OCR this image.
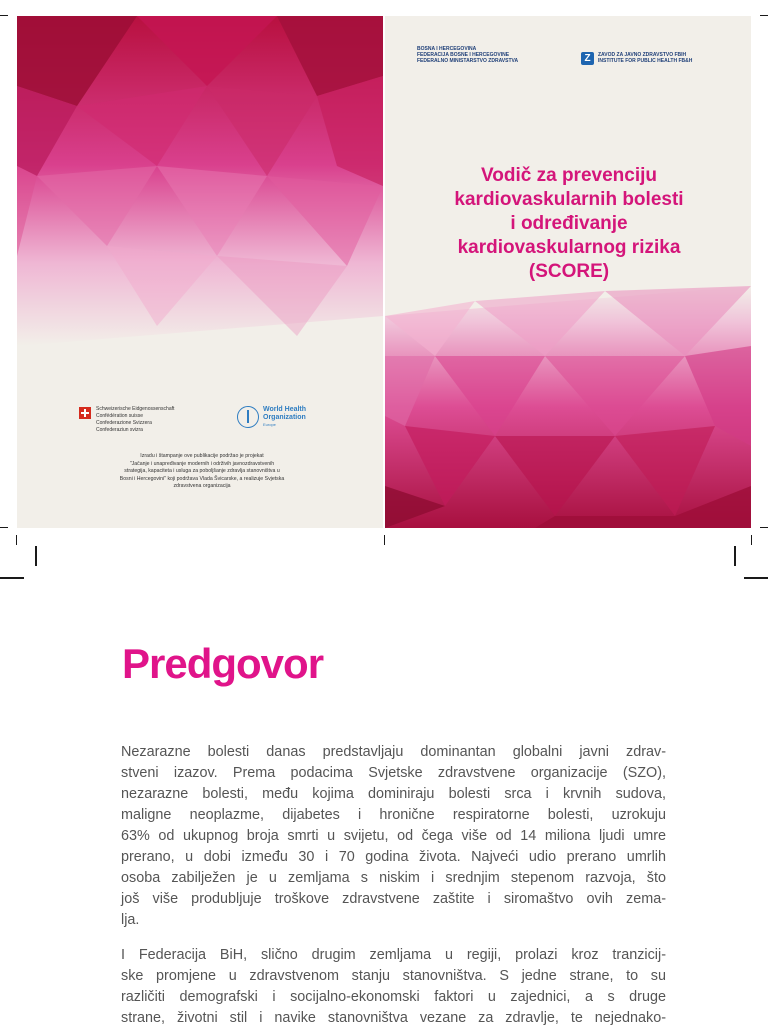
Schweizerische Eidgenossenschaft
Confédération suisse
Confederazione Svizzera
Confederaziun svizra
World Health
Organization
Europe
Izradu i štampanje ove publikacije podržao je projekat
"Jačanje i unapređivanje modernih i održivih javnozdravstvenih
strategija, kapaciteta i usluga za poboljšanje zdravlja stanovništva u
Bosni i Hercegovini" koji podržava Vlada Švicarske, a realizuje Svjetska
zdravstvena organizacija
BOSNA I HERCEGOVINA
FEDERACIJA BOSNE I HERCEGOVINE
FEDERALNO MINISTARSTVO ZDRAVSTVA	Z	ZAVOD ZA JAVNO ZDRAVSTVO FBIH
INSTITUTE FOR PUBLIC HEALTH FB&H
Vodič za prevenciju
kardiovaskularnih bolesti
i određivanje
kardiovaskularnog rizika
(SCORE)
Predgovor
Nezarazne bolesti danas predstavljaju dominantan globalni javni zdrav-
stveni izazov. Prema podacima Svjetske zdravstvene organizacije (SZO),
nezarazne bolesti, među kojima dominiraju bolesti srca i krvnih sudova,
maligne neoplazme, dijabetes i hronične respiratorne bolesti, uzrokuju
63% od ukupnog broja smrti u svijetu, od čega više od 14 miliona ljudi umre
prerano, u dobi između 30 i 70 godina života. Najveći udio prerano umrlih
osoba zabilježen je u zemljama s niskim i srednjim stepenom razvoja, što
još više produbljuje troškove zdravstvene zaštite i siromaštvo ovih zema-
lja.
I Federacija BiH, slično drugim zemljama u regiji, prolazi kroz tranzicij-
ske promjene u zdravstvenom stanju stanovništva. S jedne strane, to su
različiti demografski i socijalno-ekonomski faktori u zajednici, a s druge
strane, životni stil i navike stanovništva vezane za zdravlje, te nejednako-
